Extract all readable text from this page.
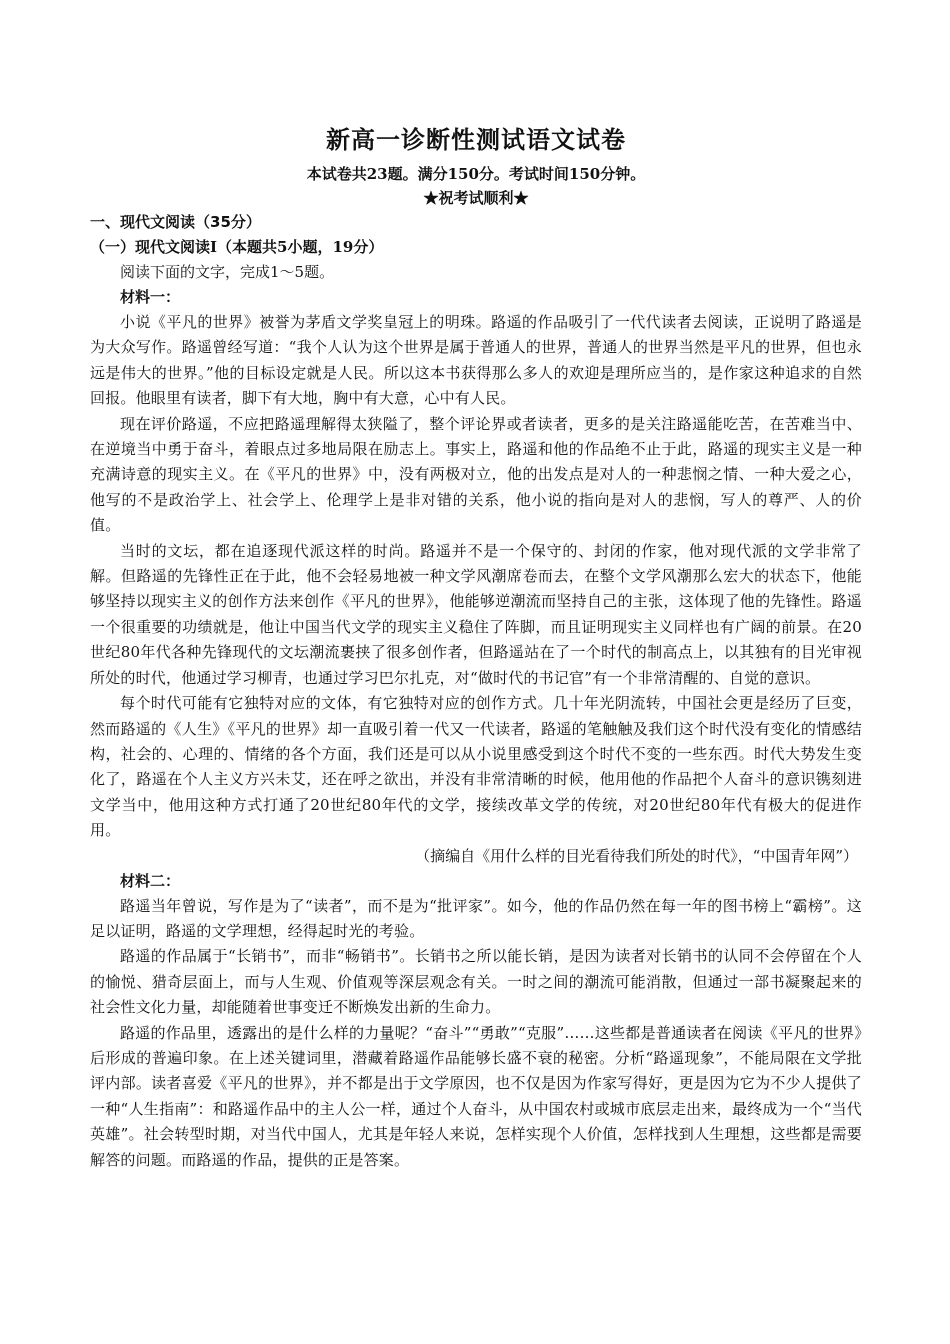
新高一诊断性测试语文试卷

本试卷共23题。满分150分。考试时间150分钟。

★祝考试顺利★

一、现代文阅读（35分）

（一）现代文阅读Ⅰ（本题共5小题，19分）

阅读下面的文字，完成1～5题。

材料一：

小说《平凡的世界》被誉为茅盾文学奖皇冠上的明珠。路遥的作品吸引了一代代读者去阅读，正说明了路遥是为大众写作。路遥曾经写道：“我个人认为这个世界是属于普通人的世界，普通人的世界当然是平凡的世界，但也永远是伟大的世界。”他的目标设定就是人民。所以这本书获得那么多人的欢迎是理所应当的，是作家这种追求的自然回报。他眼里有读者，脚下有大地，胸中有大意，心中有人民。

现在评价路遥，不应把路遥理解得太狭隘了，整个评论界或者读者，更多的是关注路遥能吃苦，在苦难当中、在逆境当中勇于奋斗，着眼点过多地局限在励志上。事实上，路遥和他的作品绝不止于此，路遥的现实主义是一种充满诗意的现实主义。在《平凡的世界》中，没有两极对立，他的出发点是对人的一种悲悯之情、一种大爱之心，他写的不是政治学上、社会学上、伦理学上是非对错的关系，他小说的指向是对人的悲悯，写人的尊严、人的价值。

当时的文坛，都在追逐现代派这样的时尚。路遥并不是一个保守的、封闭的作家，他对现代派的文学非常了解。但路遥的先锋性正在于此，他不会轻易地被一种文学风潮席卷而去，在整个文学风潮那么宏大的状态下，他能够坚持以现实主义的创作方法来创作《平凡的世界》，他能够逆潮流而坚持自己的主张，这体现了他的先锋性。路遥一个很重要的功绩就是，他让中国当代文学的现实主义稳住了阵脚，而且证明现实主义同样也有广阔的前景。在20世纪80年代各种先锋现代的文坛潮流裹挟了很多创作者，但路遥站在了一个时代的制高点上，以其独有的目光审视所处的时代，他通过学习柳青，也通过学习巴尔扎克，对“做时代的书记官”有一个非常清醒的、自觉的意识。

每个时代可能有它独特对应的文体，有它独特对应的创作方式。几十年光阴流转，中国社会更是经历了巨变，然而路遥的《人生》《平凡的世界》却一直吸引着一代又一代读者，路遥的笔触触及我们这个时代没有变化的情感结构，社会的、心理的、情绪的各个方面，我们还是可以从小说里感受到这个时代不变的一些东西。时代大势发生变化了，路遥在个人主义方兴未艾，还在呼之欲出，并没有非常清晰的时候，他用他的作品把个人奋斗的意识镌刻进文学当中，他用这种方式打通了20世纪80年代的文学，接续改革文学的传统，对20世纪80年代有极大的促进作用。

（摘编自《用什么样的目光看待我们所处的时代》，“中国青年网”）

材料二：

路遥当年曾说，写作是为了“读者”，而不是为“批评家”。如今，他的作品仍然在每一年的图书榜上“霸榜”。这足以证明，路遥的文学理想，经得起时光的考验。

路遥的作品属于“长销书”，而非“畅销书”。长销书之所以能长销，是因为读者对长销书的认同不会停留在个人的愉悦、猎奇层面上，而与人生观、价值观等深层观念有关。一时之间的潮流可能消散，但通过一部书凝聚起来的社会性文化力量，却能随着世事变迁不断焕发出新的生命力。

路遥的作品里，透露出的是什么样的力量呢？“奋斗”“勇敢”“克服”……这些都是普通读者在阅读《平凡的世界》后形成的普遍印象。在上述关键词里，潜藏着路遥作品能够长盛不衰的秘密。分析“路遥现象”，不能局限在文学批评内部。读者喜爱《平凡的世界》，并不都是出于文学原因，也不仅是因为作家写得好，更是因为它为不少人提供了一种“人生指南”：和路遥作品中的主人公一样，通过个人奋斗，从中国农村或城市底层走出来，最终成为一个“当代英雄”。社会转型时期，对当代中国人，尤其是年轻人来说，怎样实现个人价值，怎样找到人生理想，这些都是需要解答的问题。而路遥的作品，提供的正是答案。
